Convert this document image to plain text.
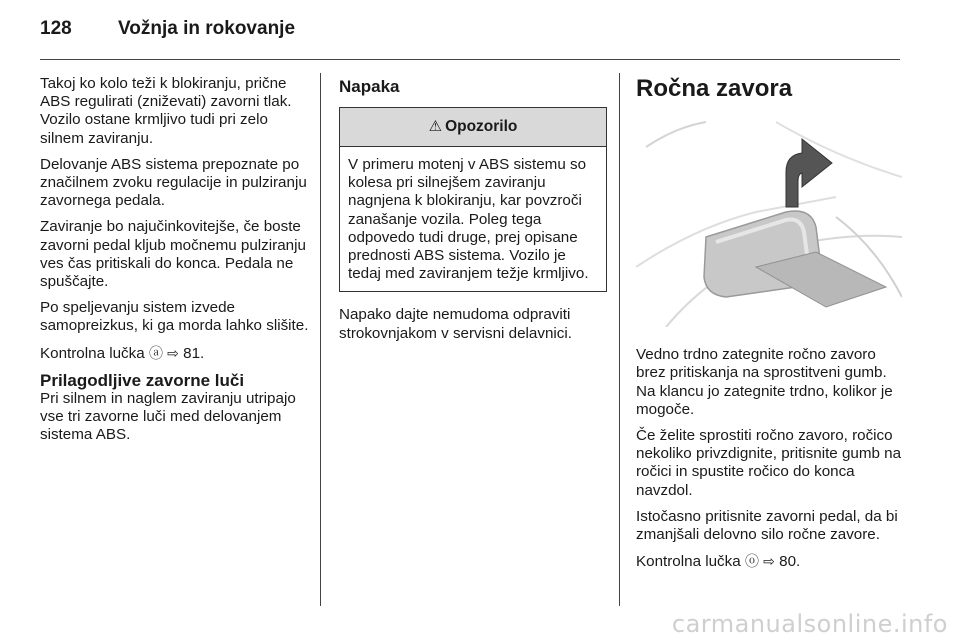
128	Vožnja in rokovanje

Takoj ko kolo teži k blokiranju, prične ABS regulirati (zniževati) zavorni tlak. Vozilo ostane krmljivo tudi pri zelo silnem zaviranju.

Delovanje ABS sistema prepoznate po značilnem zvoku regulacije in pulziranju zavornega pedala.

Zaviranje bo najučinkovitejše, če boste zavorni pedal kljub močnemu pulziranju ves čas pritiskali do konca. Pedala ne spuščajte.

Po speljevanju sistem izvede samopreizkus, ki ga morda lahko slišite.

Kontrolna lučka ⓐ ⇨ 81.

Prilagodljive zavorne luči

Pri silnem in naglem zaviranju utripajo vse tri zavorne luči med delovanjem sistema ABS.

Napaka
⚠ Opozorilo
V primeru motenj v ABS sistemu so kolesa pri silnejšem zaviranju nagnjena k blokiranju, kar povzroči zanašanje vozila. Poleg tega odpovedo tudi druge, prej opisane prednosti ABS sistema. Vozilo je tedaj med zaviranjem težje krmljivo.

Napako dajte nemudoma odpraviti strokovnjakom v servisni delavnici.

Ročna zavora

Vedno trdno zategnite ročno zavoro brez pritiskanja na sprostitveni gumb. Na klancu jo zategnite trdno, kolikor je mogoče.

Če želite sprostiti ročno zavoro, ročico nekoliko privzdignite, pritisnite gumb na ročici in spustite ročico do konca navzdol.

Istočasno pritisnite zavorni pedal, da bi zmanjšali delovno silo ročne zavore.

Kontrolna lučka ⓞ ⇨ 80.

carmanualsonline.info
